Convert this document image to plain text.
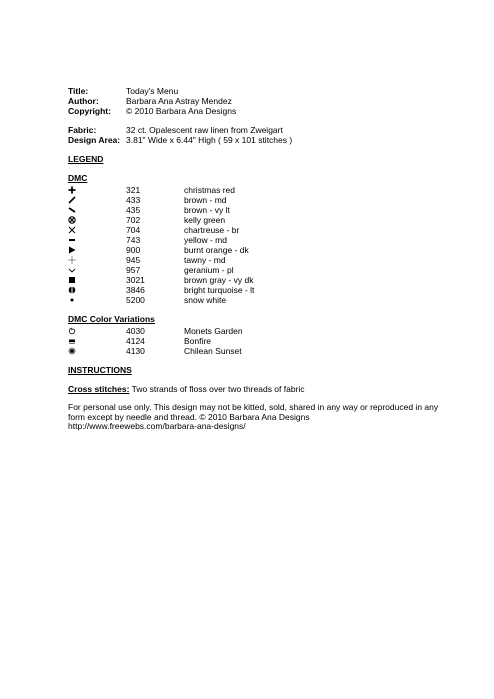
Title:	Today's Menu
Author:	Barbara Ana Astray Mendez
Copyright:	© 2010 Barbara Ana Designs
Fabric:	32 ct. Opalescent raw linen from Zweigart
Design Area: 3.81" Wide x 6.44" High ( 59 x 101 stitches )
LEGEND
DMC
321	christmas red
433	brown - md
435	brown - vy lt
702	kelly green
704	chartreuse - br
743	yellow - md
900	burnt orange - dk
945	tawny - md
957	geranium - pl
3021	brown gray - vy dk
3846	bright turquoise - lt
5200	snow white
DMC Color Variations
4030	Monets Garden
4124	Bonfire
4130	Chilean Sunset
INSTRUCTIONS
Cross stitches: Two strands of floss over two threads of fabric
For personal use only. This design may not be kitted, sold, shared in any way or reproduced in any
form except by needle and thread. © 2010 Barbara Ana Designs
http://www.freewebs.com/barbara-ana-designs/
